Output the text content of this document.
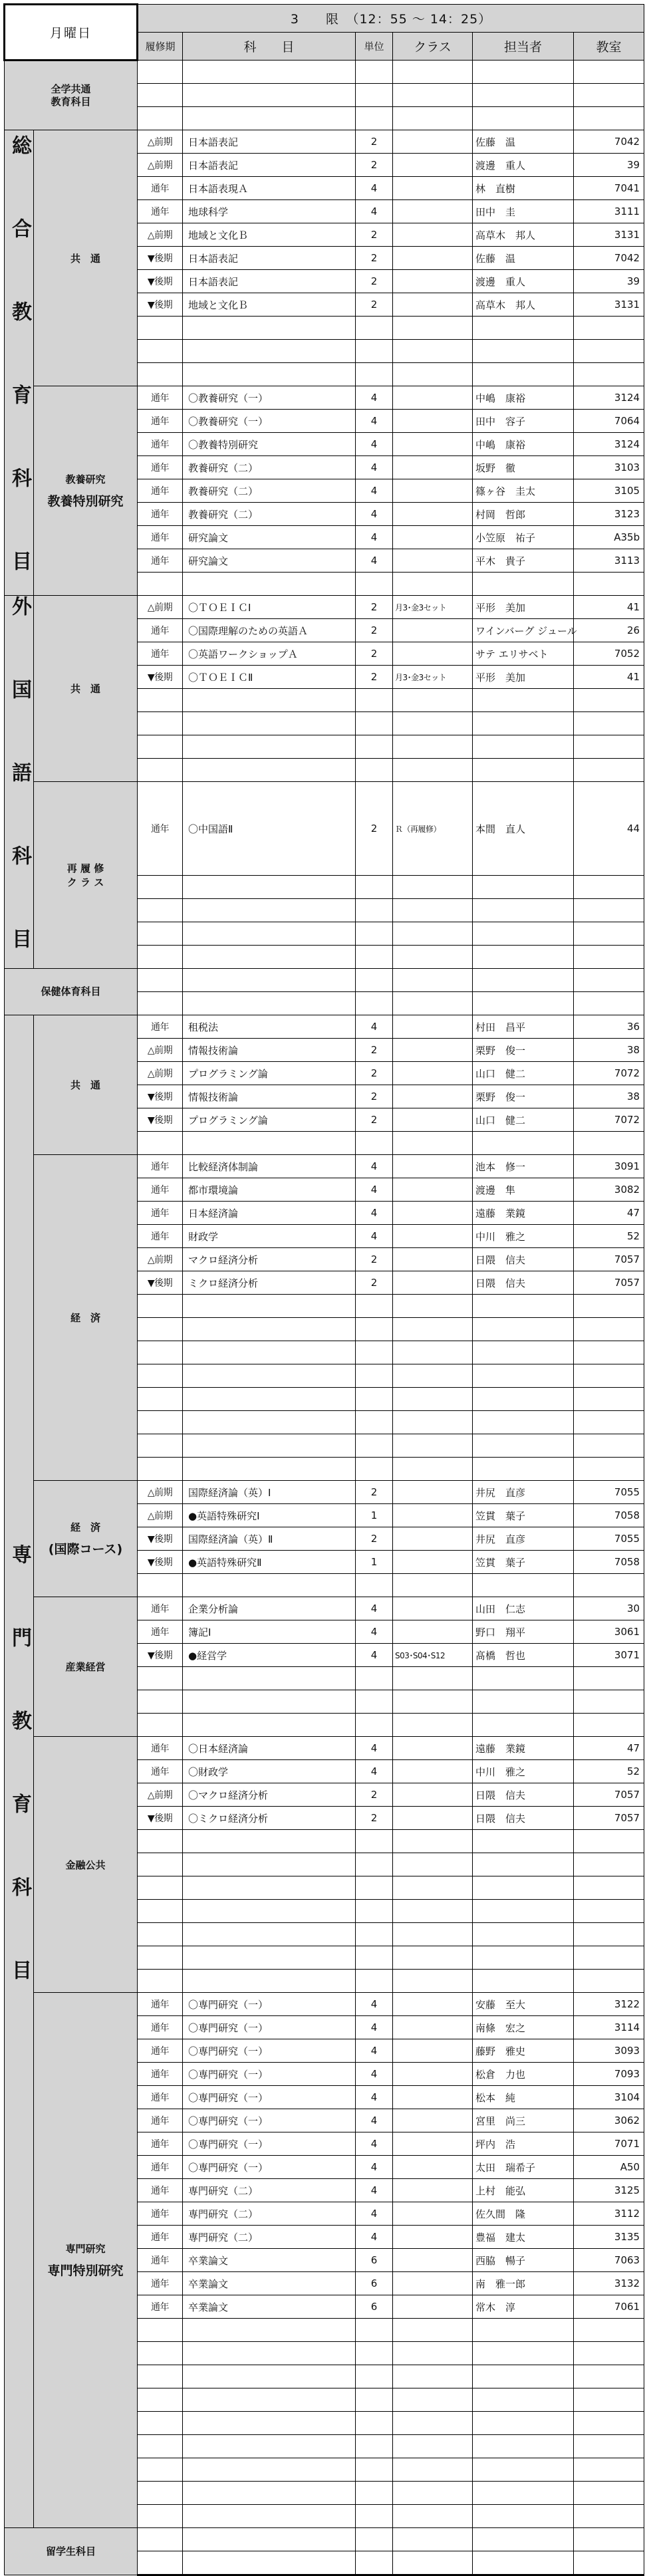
月曜日		3　　限　（12：55 ～ 14：25）					
		履修期	科　　目	単位	クラス	担当者	教室
全学共通
教育科目							

総 合 教 育 科 目	共　通	△前期	日本語表記	2		佐藤　温	7042
		△前期	日本語表記	2		渡邊　重人	39
		通年	日本語表現Ａ	4		林　直樹	7041
		通年	地球科学	4		田中　圭	3111
		△前期	地域と文化Ｂ	2		高草木　邦人	3131
		▼後期	日本語表記	2		佐藤　温	7042
		▼後期	日本語表記	2		渡邊　重人	39
		▼後期	地域と文化Ｂ	2		高草木　邦人	3131

	教養研究
教養特別研究	通年	〇教養研究（一）	4		中嶋　康裕	3124
		通年	〇教養研究（一）	4		田中　容子	7064
		通年	〇教養特別研究	4		中嶋　康裕	3124
		通年	教養研究（二）	4		坂野　徹	3103
		通年	教養研究（二）	4		篠ヶ谷　圭太	3105
		通年	教養研究（二）	4		村岡　哲郎	3123
		通年	研究論文	4		小笠原　祐子	A35b
		通年	研究論文	4		平木　貴子	3113

外 国 語 科 目	共　通	△前期	〇ＴＯＥＩＣⅠ	2	月3･金3セット	平形　美加	41
		通年	〇国際理解のための英語Ａ	2		ワインバーグ ジュール	26
		通年	〇英語ワークショップＡ	2		サテ エリサベト	7052
		▼後期	〇ＴＯＥＩＣⅡ	2	月3･金3セット	平形　美加	41

	再 履 修
ク ラ ス	通年	〇中国語Ⅱ	2	Ｒ（再履修）	本間　直人	44

保健体育科目							

専 門 教 育 科 目	共　通	通年	租税法	4		村田　昌平	36
		△前期	情報技術論	2		栗野　俊一	38
		△前期	プログラミング論	2		山口　健二	7072
		▼後期	情報技術論	2		栗野　俊一	38
		▼後期	プログラミング論	2		山口　健二	7072

	経　済	通年	比較経済体制論	4		池本　修一	3091
		通年	都市環境論	4		渡邊　隼	3082
		通年	日本経済論	4		遠藤　業鏡	47
		通年	財政学	4		中川　雅之	52
		△前期	マクロ経済分析	2		日隈　信夫	7057
		▼後期	ミクロ経済分析	2		日隈　信夫	7057

	経　済
(国際コース)	△前期	国際経済論（英）Ⅰ	2		井尻　直彦	7055
		△前期	●英語特殊研究Ⅰ	1		笠貫　葉子	7058
		▼後期	国際経済論（英）Ⅱ	2		井尻　直彦	7055
		▼後期	●英語特殊研究Ⅱ	1		笠貫　葉子	7058

	産業経営	通年	企業分析論	4		山田　仁志	30
		通年	簿記Ⅰ	4		野口　翔平	3061
		▼後期	●経営学	4	S03･S04･S12	髙橋　哲也	3071

	金融公共	通年	〇日本経済論	4		遠藤　業鏡	47
		通年	〇財政学	4		中川　雅之	52
		△前期	〇マクロ経済分析	2		日隈　信夫	7057
		▼後期	〇ミクロ経済分析	2		日隈　信夫	7057

	専門研究
専門特別研究	通年	〇専門研究（一）	4		安藤　至大	3122
		通年	〇専門研究（一）	4		南條　宏之	3114
		通年	〇専門研究（一）	4		藤野　雅史	3093
		通年	〇専門研究（一）	4		松倉　力也	7093
		通年	〇専門研究（一）	4		松本　純	3104
		通年	〇専門研究（一）	4		宮里　尚三	3062
		通年	〇専門研究（一）	4		坪内　浩	7071
		通年	〇専門研究（一）	4		太田　瑞希子	A50
		通年	専門研究（二）	4		上村　能弘	3125
		通年	専門研究（二）	4		佐久間　隆	3112
		通年	専門研究（二）	4		豊福　建太	3135
		通年	卒業論文	6		西脇　暢子	7063
		通年	卒業論文	6		南　雅一郎	3132
		通年	卒業論文	6		常木　淳	7061

留学生科目							
